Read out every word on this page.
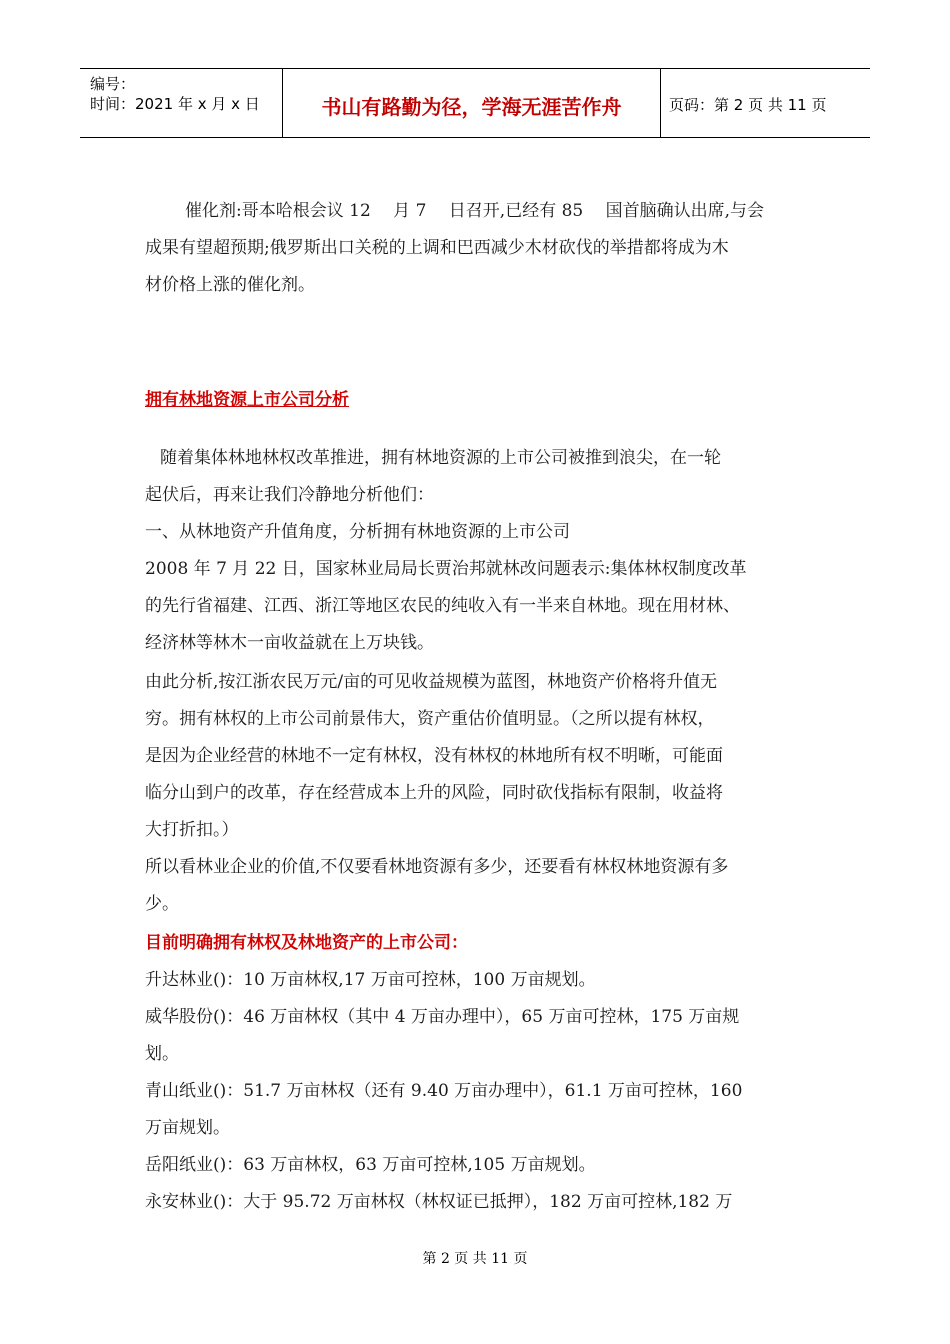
编号：
时间：2021 年 x 月 x 日	书山有路勤为径，学海无涯苦作舟	页码：第 2 页 共 11 页
催化剂:哥本哈根会议 12　 月 7　 日召开,已经有 85　 国首脑确认出席,与会
成果有望超预期;俄罗斯出口关税的上调和巴西减少木材砍伐的举措都将成为木
材价格上涨的催化剂。
拥有林地资源上市公司分析
随着集体林地林权改革推进，拥有林地资源的上市公司被推到浪尖，在一轮
起伏后，再来让我们冷静地分析他们：
一、从林地资产升值角度，分析拥有林地资源的上市公司
2008 年 7 月 22 日，国家林业局局长贾治邦就林改问题表示:集体林权制度改革
的先行省福建、江西、浙江等地区农民的纯收入有一半来自林地。现在用材林、
经济林等林木一亩收益就在上万块钱。
由此分析,按江浙农民万元/亩的可见收益规模为蓝图，林地资产价格将升值无
穷。拥有林权的上市公司前景伟大，资产重估价值明显。（之所以提有林权，
是因为企业经营的林地不一定有林权，没有林权的林地所有权不明晰，可能面
临分山到户的改革，存在经营成本上升的风险，同时砍伐指标有限制，收益将
大打折扣。）
所以看林业企业的价值,不仅要看林地资源有多少，还要看有林权林地资源有多
少。
目前明确拥有林权及林地资产的上市公司：
升达林业()：10 万亩林权,17 万亩可控林，100 万亩规划。
威华股份()：46 万亩林权（其中 4 万亩办理中），65 万亩可控林，175 万亩规
划。
青山纸业()：51.7 万亩林权（还有 9.40 万亩办理中），61.1 万亩可控林，160
万亩规划。
岳阳纸业()：63 万亩林权，63 万亩可控林,105 万亩规划。
永安林业()：大于 95.72 万亩林权（林权证已抵押），182 万亩可控林,182 万
第 2 页 共 11 页
